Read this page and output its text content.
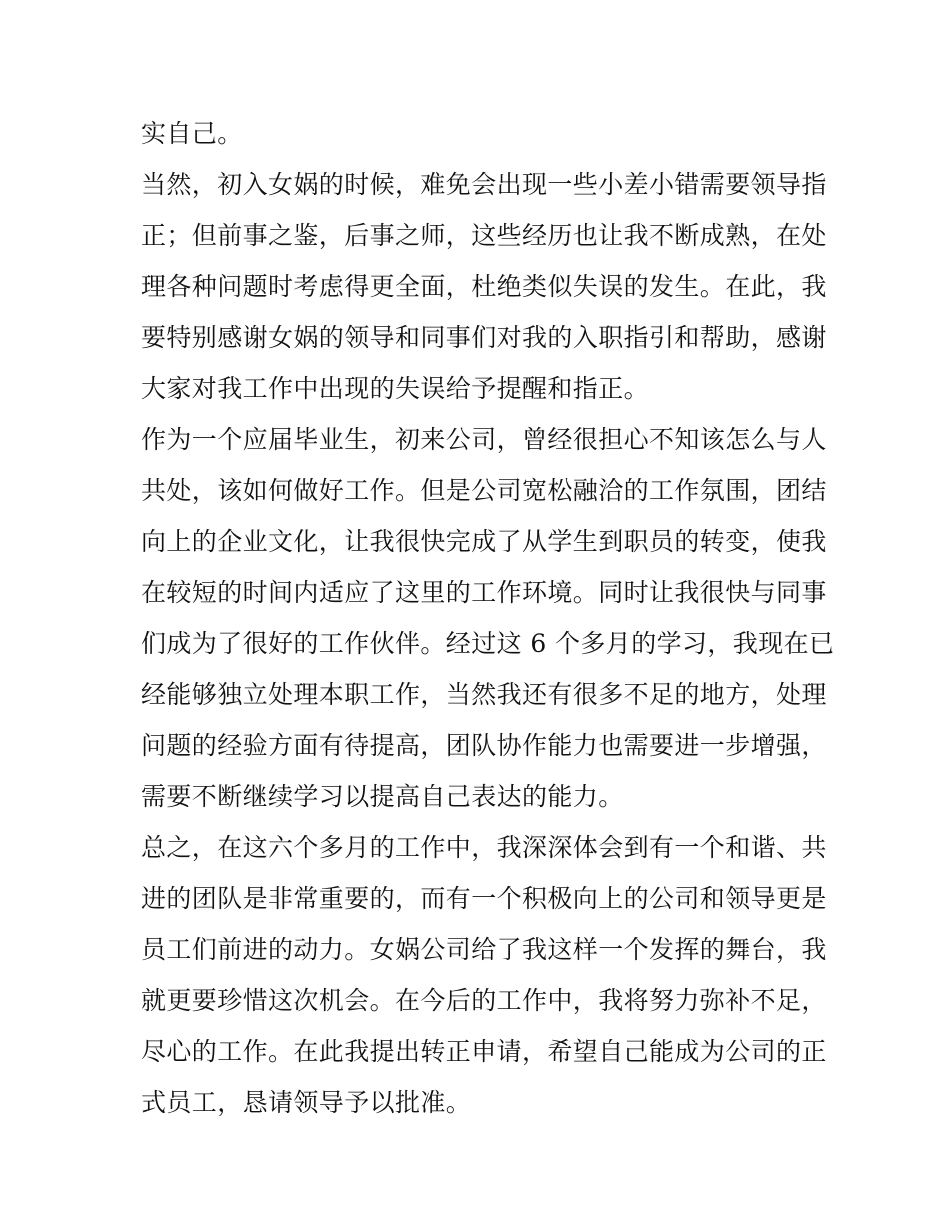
实自己。
当然，初入女娲的时候，难免会出现一些小差小错需要领导指
正；但前事之鉴，后事之师，这些经历也让我不断成熟，在处
理各种问题时考虑得更全面，杜绝类似失误的发生。在此，我
要特别感谢女娲的领导和同事们对我的入职指引和帮助，感谢
大家对我工作中出现的失误给予提醒和指正。
作为一个应届毕业生，初来公司，曾经很担心不知该怎么与人
共处，该如何做好工作。但是公司宽松融洽的工作氛围，团结
向上的企业文化，让我很快完成了从学生到职员的转变，使我
在较短的时间内适应了这里的工作环境。同时让我很快与同事
们成为了很好的工作伙伴。经过这 6 个多月的学习，我现在已
经能够独立处理本职工作，当然我还有很多不足的地方，处理
问题的经验方面有待提高，团队协作能力也需要进一步增强，
需要不断继续学习以提高自己表达的能力。
总之，在这六个多月的工作中，我深深体会到有一个和谐、共
进的团队是非常重要的，而有一个积极向上的公司和领导更是
员工们前进的动力。女娲公司给了我这样一个发挥的舞台，我
就更要珍惜这次机会。在今后的工作中，我将努力弥补不足，
尽心的工作。在此我提出转正申请，希望自己能成为公司的正
式员工，恳请领导予以批准。
